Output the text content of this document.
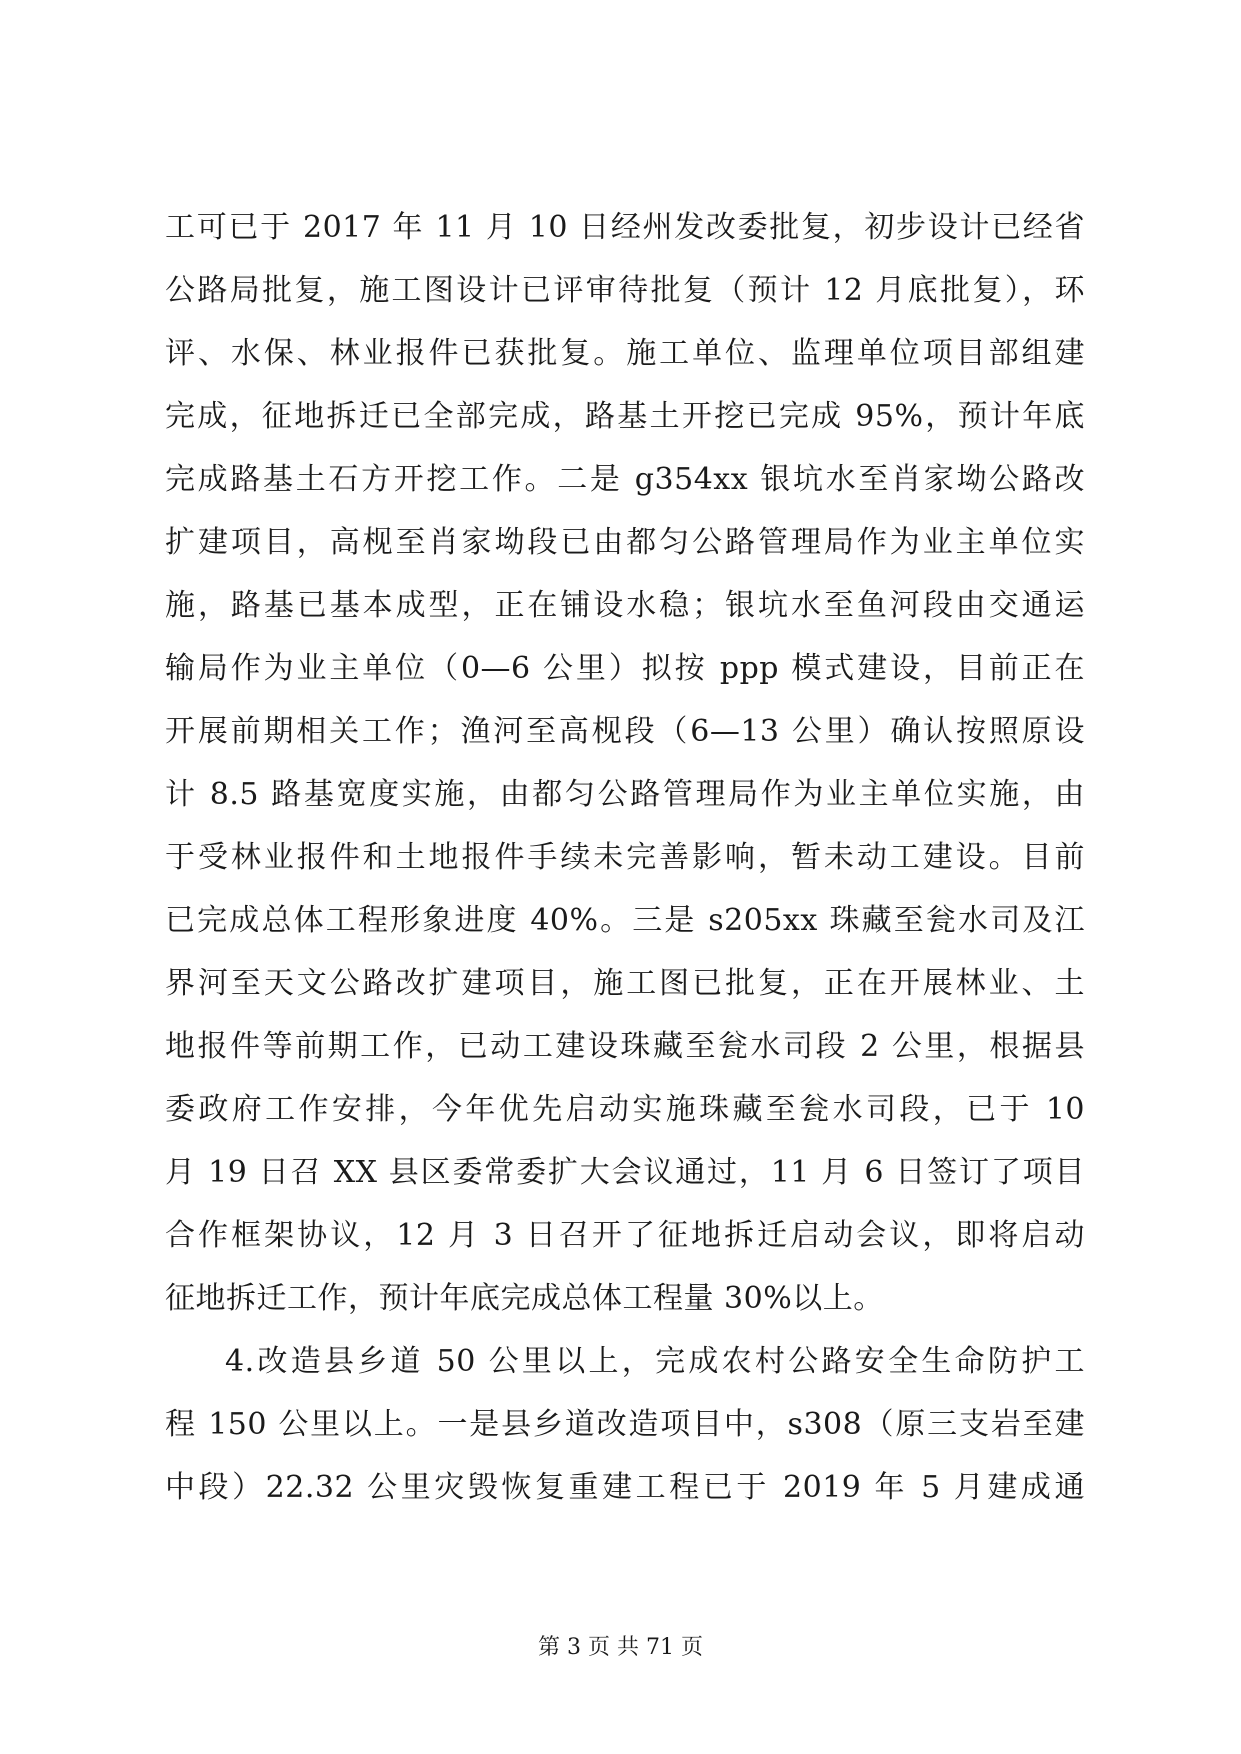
工可已于 2017 年 11 月 10 日经州发改委批复，初步设计已经省
公路局批复，施工图设计已评审待批复（预计 12 月底批复），环
评、水保、林业报件已获批复。施工单位、监理单位项目部组建
完成，征地拆迁已全部完成，路基土开挖已完成 95%，预计年底
完成路基土石方开挖工作。二是 g354xx 银坑水至肖家坳公路改
扩建项目，高枧至肖家坳段已由都匀公路管理局作为业主单位实
施，路基已基本成型，正在铺设水稳；银坑水至鱼河段由交通运
输局作为业主单位（0—6 公里）拟按 ppp 模式建设，目前正在
开展前期相关工作；渔河至高枧段（6—13 公里）确认按照原设
计 8.5 路基宽度实施，由都匀公路管理局作为业主单位实施，由
于受林业报件和土地报件手续未完善影响，暂未动工建设。目前
已完成总体工程形象进度 40%。三是 s205xx 珠藏至瓮水司及江
界河至天文公路改扩建项目，施工图已批复，正在开展林业、土
地报件等前期工作，已动工建设珠藏至瓮水司段 2 公里，根据县
委政府工作安排，今年优先启动实施珠藏至瓮水司段，已于 10
月 19 日召 XX 县区委常委扩大会议通过，11 月 6 日签订了项目
合作框架协议，12 月 3 日召开了征地拆迁启动会议，即将启动
征地拆迁工作，预计年底完成总体工程量 30%以上。
4.改造县乡道 50 公里以上，完成农村公路安全生命防护工
程 150 公里以上。一是县乡道改造项目中，s308（原三支岩至建
中段）22.32 公里灾毁恢复重建工程已于 2019 年 5 月建成通
第 3 页 共 71 页
